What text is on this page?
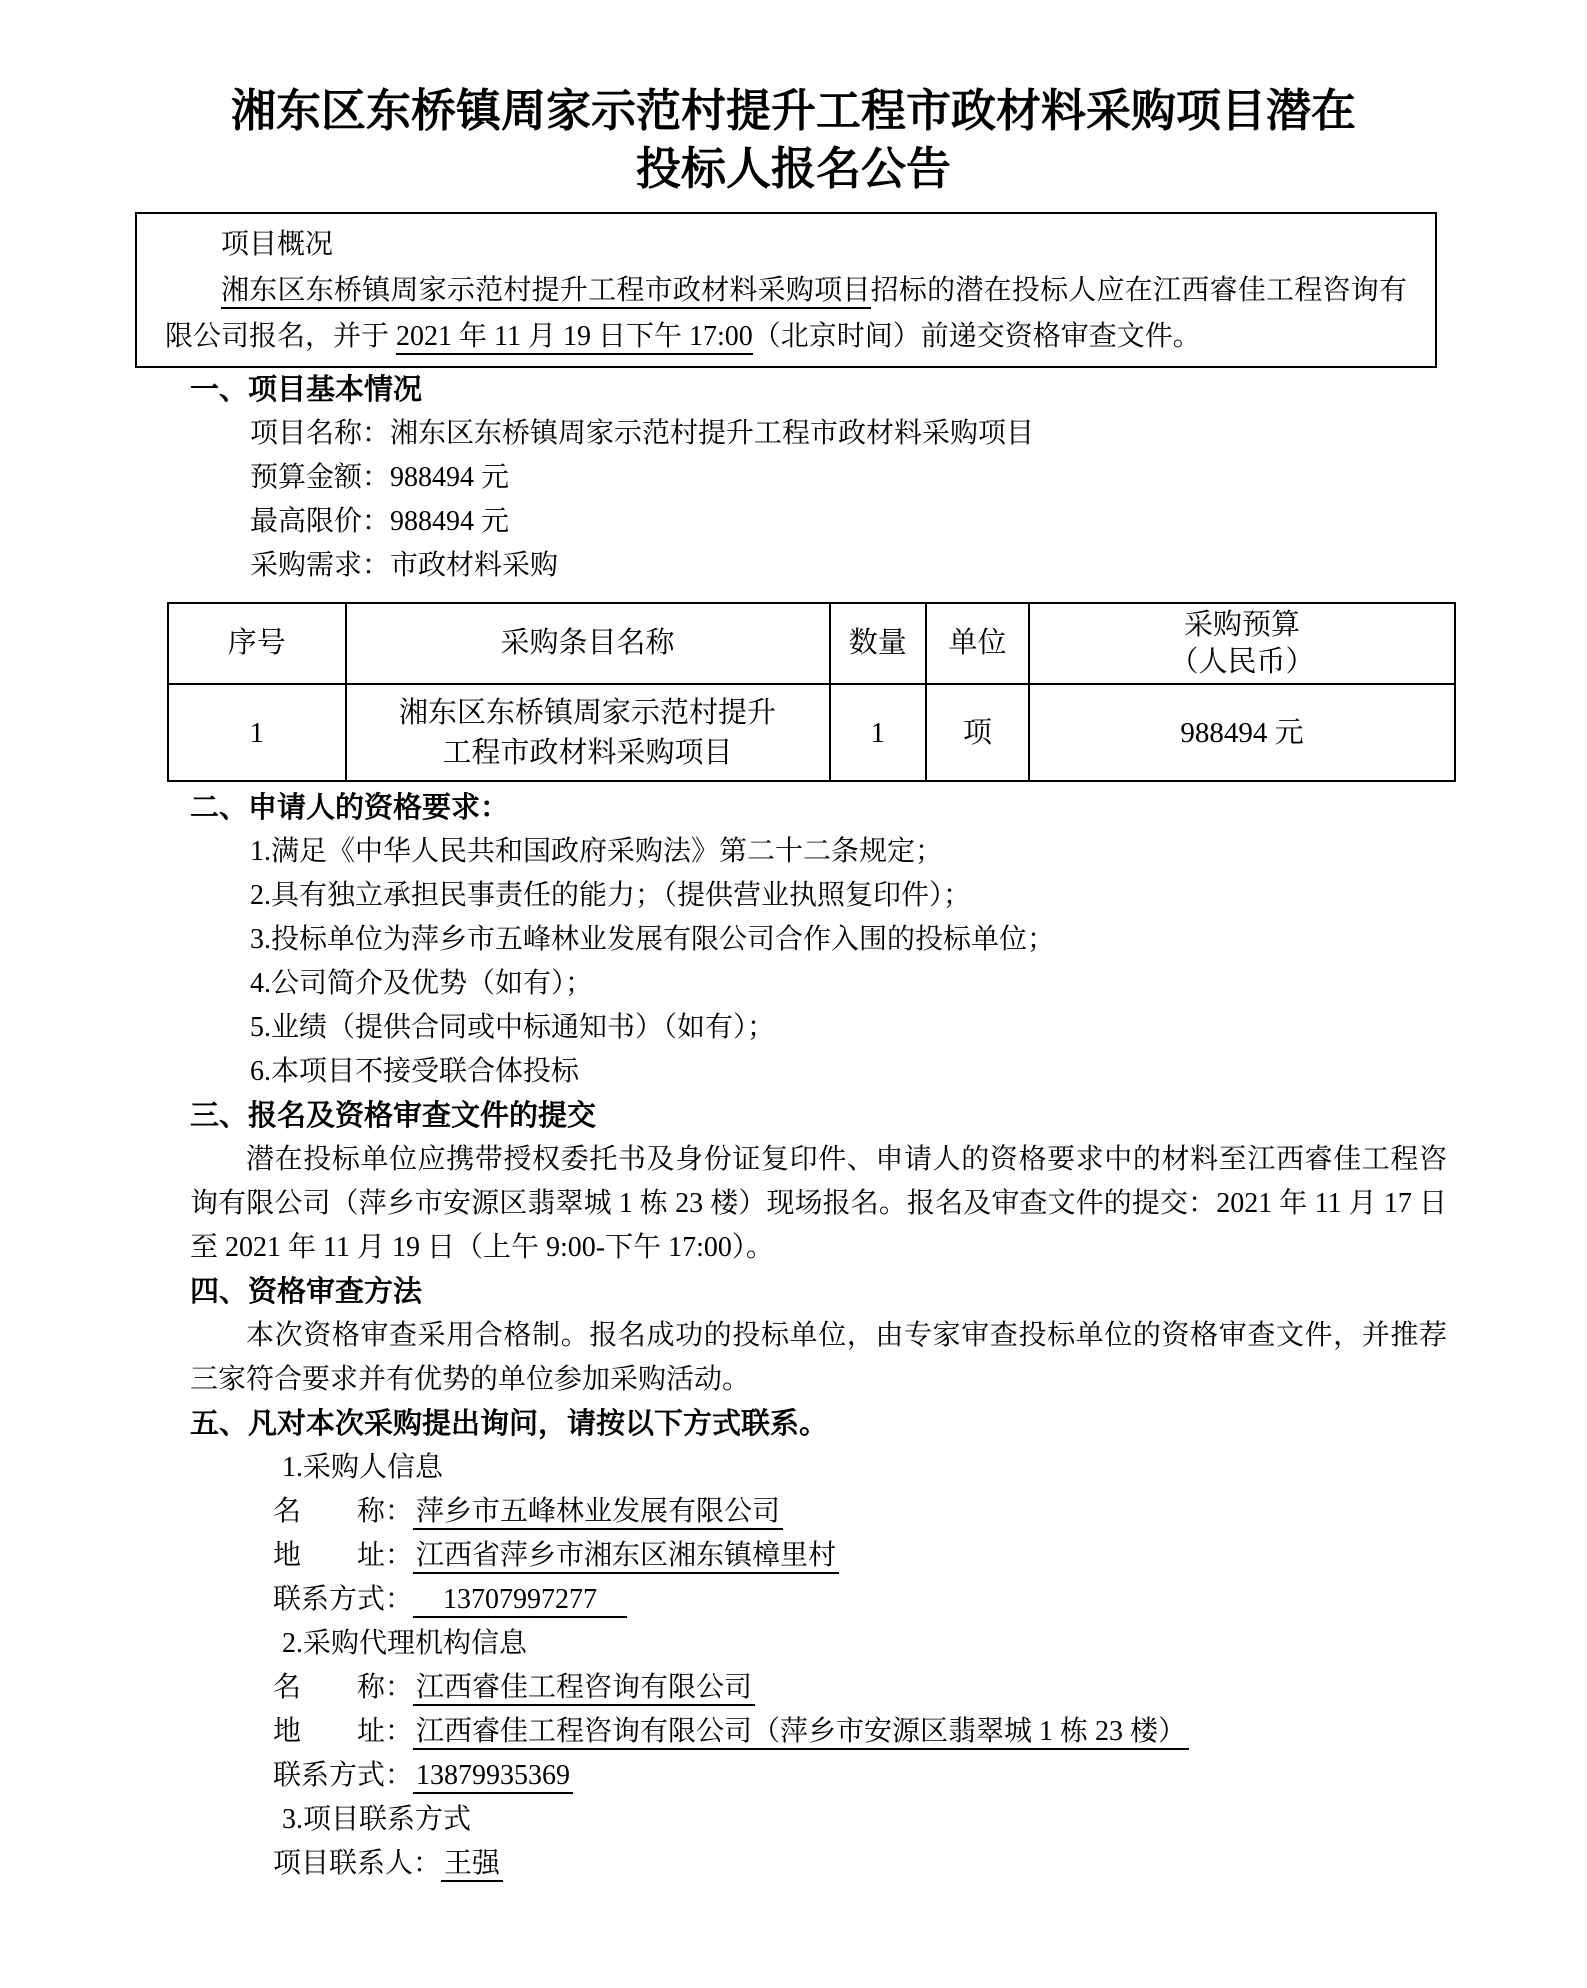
湘东区东桥镇周家示范村提升工程市政材料采购项目潜在
投标人报名公告

项目概况

湘东区东桥镇周家示范村提升工程市政材料采购项目招标的潜在投标人应在江西睿佳工程咨询有限公司报名，并于 2021 年 11 月 19 日下午 17:00（北京时间）前递交资格审查文件。

一、项目基本情况

项目名称：湘东区东桥镇周家示范村提升工程市政材料采购项目

预算金额：988494 元

最高限价：988494 元

采购需求：市政材料采购

序号	采购条目名称	数量	单位	采购预算
（人民币）

1	湘东区东桥镇周家示范村提升
工程市政材料采购项目	1	项	988494 元
二、申请人的资格要求：

1.满足《中华人民共和国政府采购法》第二十二条规定；

2.具有独立承担民事责任的能力；（提供营业执照复印件）；

3.投标单位为萍乡市五峰林业发展有限公司合作入围的投标单位；

4.公司简介及优势（如有）；

5.业绩（提供合同或中标通知书）（如有）；

6.本项目不接受联合体投标

三、报名及资格审查文件的提交

潜在投标单位应携带授权委托书及身份证复印件、申请人的资格要求中的材料至江西睿佳工程咨询有限公司（萍乡市安源区翡翠城 1 栋 23 楼）现场报名。报名及审查文件的提交：2021 年 11 月 17 日至 2021 年 11 月 19 日（上午 9:00-下午 17:00）。

四、资格审查方法

本次资格审查采用合格制。报名成功的投标单位，由专家审查投标单位的资格审查文件，并推荐三家符合要求并有优势的单位参加采购活动。

五、凡对本次采购提出询问，请按以下方式联系。

1.采购人信息

名　　称： 萍乡市五峰林业发展有限公司

地　　址： 江西省萍乡市湘东区湘东镇樟里村

联系方式： 13707997277

2.采购代理机构信息

名　　称： 江西睿佳工程咨询有限公司

地　　址： 江西睿佳工程咨询有限公司（萍乡市安源区翡翠城 1 栋 23 楼）

联系方式： 13879935369

3.项目联系方式

项目联系人： 王强
